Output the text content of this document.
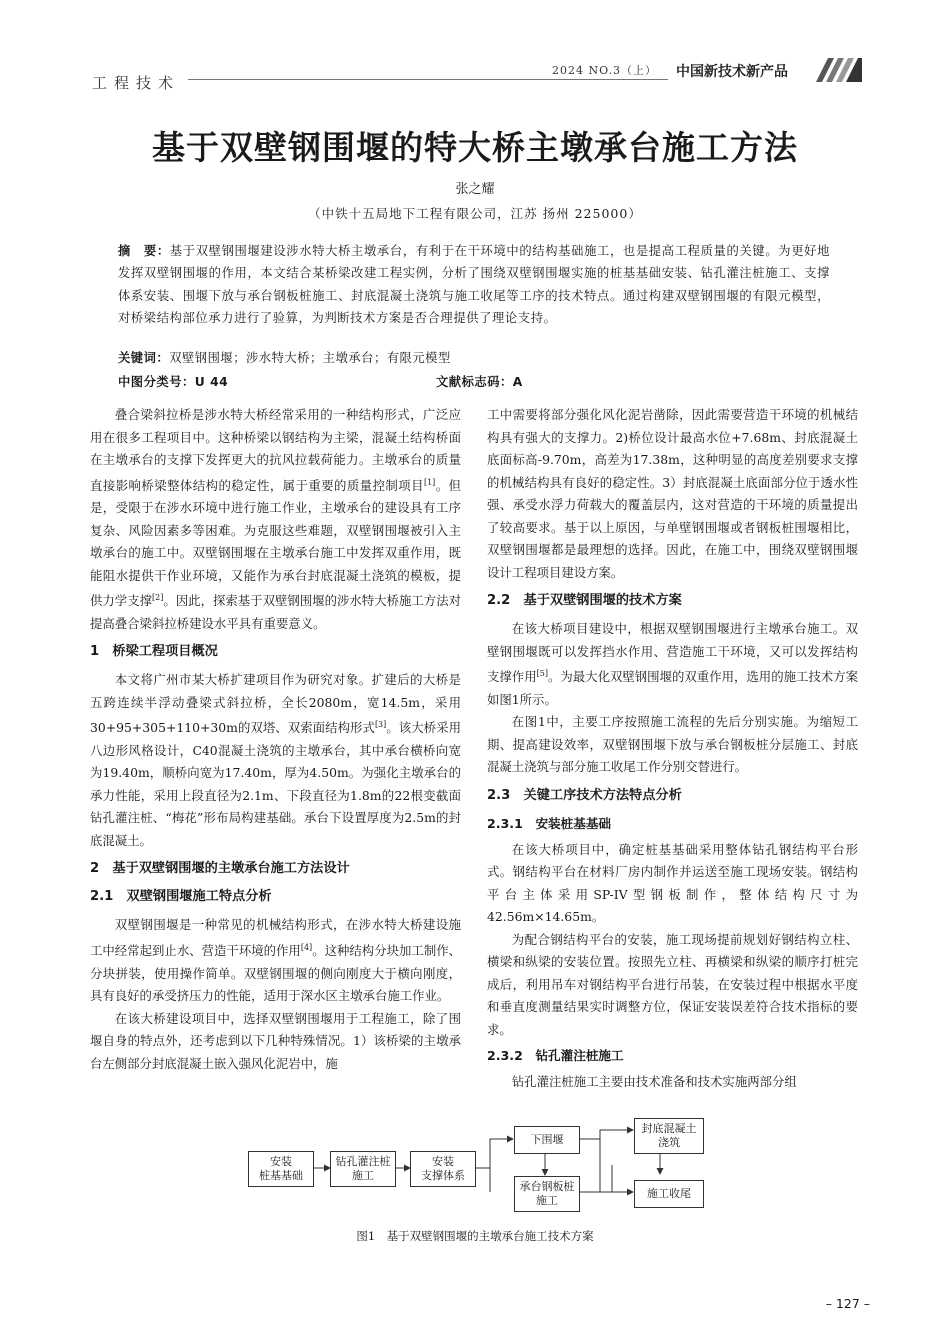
工程技术
2024 NO.3（上） 中国新技术新产品
基于双壁钢围堰的特大桥主墩承台施工方法
张之耀
（中铁十五局地下工程有限公司，江苏 扬州 225000）
摘　要：基于双壁钢围堰建设涉水特大桥主墩承台，有利于在干环境中的结构基础施工，也是提高工程质量的关键。为更好地发挥双壁钢围堰的作用，本文结合某桥梁改建工程实例，分析了围绕双壁钢围堰实施的桩基基础安装、钻孔灌注桩施工、支撑体系安装、围堰下放与承台钢板桩施工、封底混凝土浇筑与施工收尾等工序的技术特点。通过构建双壁钢围堰的有限元模型，对桥梁结构部位承力进行了验算，为判断技术方案是否合理提供了理论支持。
关键词：双壁钢围堰；涉水特大桥；主墩承台；有限元模型
中图分类号：U 44	文献标志码：A

叠合梁斜拉桥是涉水特大桥经常采用的一种结构形式，广泛应用在很多工程项目中。这种桥梁以钢结构为主梁，混凝土结构桥面在主墩承台的支撑下发挥更大的抗风拉载荷能力。主墩承台的质量直接影响桥梁整体结构的稳定性，属于重要的质量控制项目[1]。但是，受限于在涉水环境中进行施工作业，主墩承台的建设具有工序复杂、风险因素多等困难。为克服这些难题，双壁钢围堰被引入主墩承台的施工中。双壁钢围堰在主墩承台施工中发挥双重作用，既能阻水提供干作业环境，又能作为承台封底混凝土浇筑的模板，提供力学支撑[2]。因此，探索基于双壁钢围堰的涉水特大桥施工方法对提高叠合梁斜拉桥建设水平具有重要意义。

1　桥梁工程项目概况

本文将广州市某大桥扩建项目作为研究对象。扩建后的大桥是五跨连续半浮动叠梁式斜拉桥，全长2080m，宽14.5m，采用30+95+305+110+30m的双塔、双索面结构形式[3]。该大桥采用八边形风格设计，C40混凝土浇筑的主墩承台，其中承台横桥向宽为19.40m，顺桥向宽为17.40m，厚为4.50m。为强化主墩承台的承力性能，采用上段直径为2.1m、下段直径为1.8m的22根变截面钻孔灌注桩、“梅花”形布局构建基础。承台下设置厚度为2.5m的封底混凝土。

2　基于双壁钢围堰的主墩承台施工方法设计
2.1　双壁钢围堰施工特点分析

双壁钢围堰是一种常见的机械结构形式，在涉水特大桥建设施工中经常起到止水、营造干环境的作用[4]。这种结构分块加工制作、分块拼装，使用操作简单。双壁钢围堰的侧向刚度大于横向刚度，具有良好的承受挤压力的性能，适用于深水区主墩承台施工作业。

在该大桥建设项目中，选择双壁钢围堰用于工程施工，除了围堰自身的特点外，还考虑到以下几种特殊情况。1）该桥梁的主墩承台左侧部分封底混凝土嵌入强风化泥岩中，施

工中需要将部分强化风化泥岩凿除，因此需要营造干环境的机械结构具有强大的支撑力。2)桥位设计最高水位+7.68m、封底混凝土底面标高-9.70m，高差为17.38m，这种明显的高度差别要求支撑的机械结构具有良好的稳定性。3）封底混凝土底面部分位于透水性强、承受水浮力荷载大的覆盖层内，这对营造的干环境的质量提出了较高要求。基于以上原因，与单壁钢围堰或者钢板桩围堰相比，双壁钢围堰都是最理想的选择。因此，在施工中，围绕双壁钢围堰设计工程项目建设方案。

2.2　基于双壁钢围堰的技术方案

在该大桥项目建设中，根据双壁钢围堰进行主墩承台施工。双壁钢围堰既可以发挥挡水作用、营造施工干环境，又可以发挥结构支撑作用[5]。为最大化双壁钢围堰的双重作用，选用的施工技术方案如图1所示。

在图1中，主要工序按照施工流程的先后分别实施。为缩短工期、提高建设效率，双壁钢围堰下放与承台钢板桩分层施工、封底混凝土浇筑与部分施工收尾工作分别交替进行。

2.3　关键工序技术方法特点分析
2.3.1　安装桩基基础

在该大桥项目中，确定桩基基础采用整体钻孔钢结构平台形式。钢结构平台在材料厂房内制作并运送至施工现场安装。钢结构平台主体采用SP-IV型钢板制作，整体结构尺寸为42.56m×14.65m。

为配合钢结构平台的安装，施工现场提前规划好钢结构立柱、横梁和纵梁的安装位置。按照先立柱、再横梁和纵梁的顺序打桩完成后，利用吊车对钢结构平台进行吊装，在安装过程中根据水平度和垂直度测量结果实时调整方位，保证安装误差符合技术指标的要求。

2.3.2　钻孔灌注桩施工

钻孔灌注桩施工主要由技术准备和技术实施两部分组

安装
桩基基础
钻孔灌注桩
施工
安装
支撑体系
下围堰
承台钢板桩
施工
封底混凝土
浇筑
施工收尾
图1　基于双壁钢围堰的主墩承台施工技术方案
– 127 –
